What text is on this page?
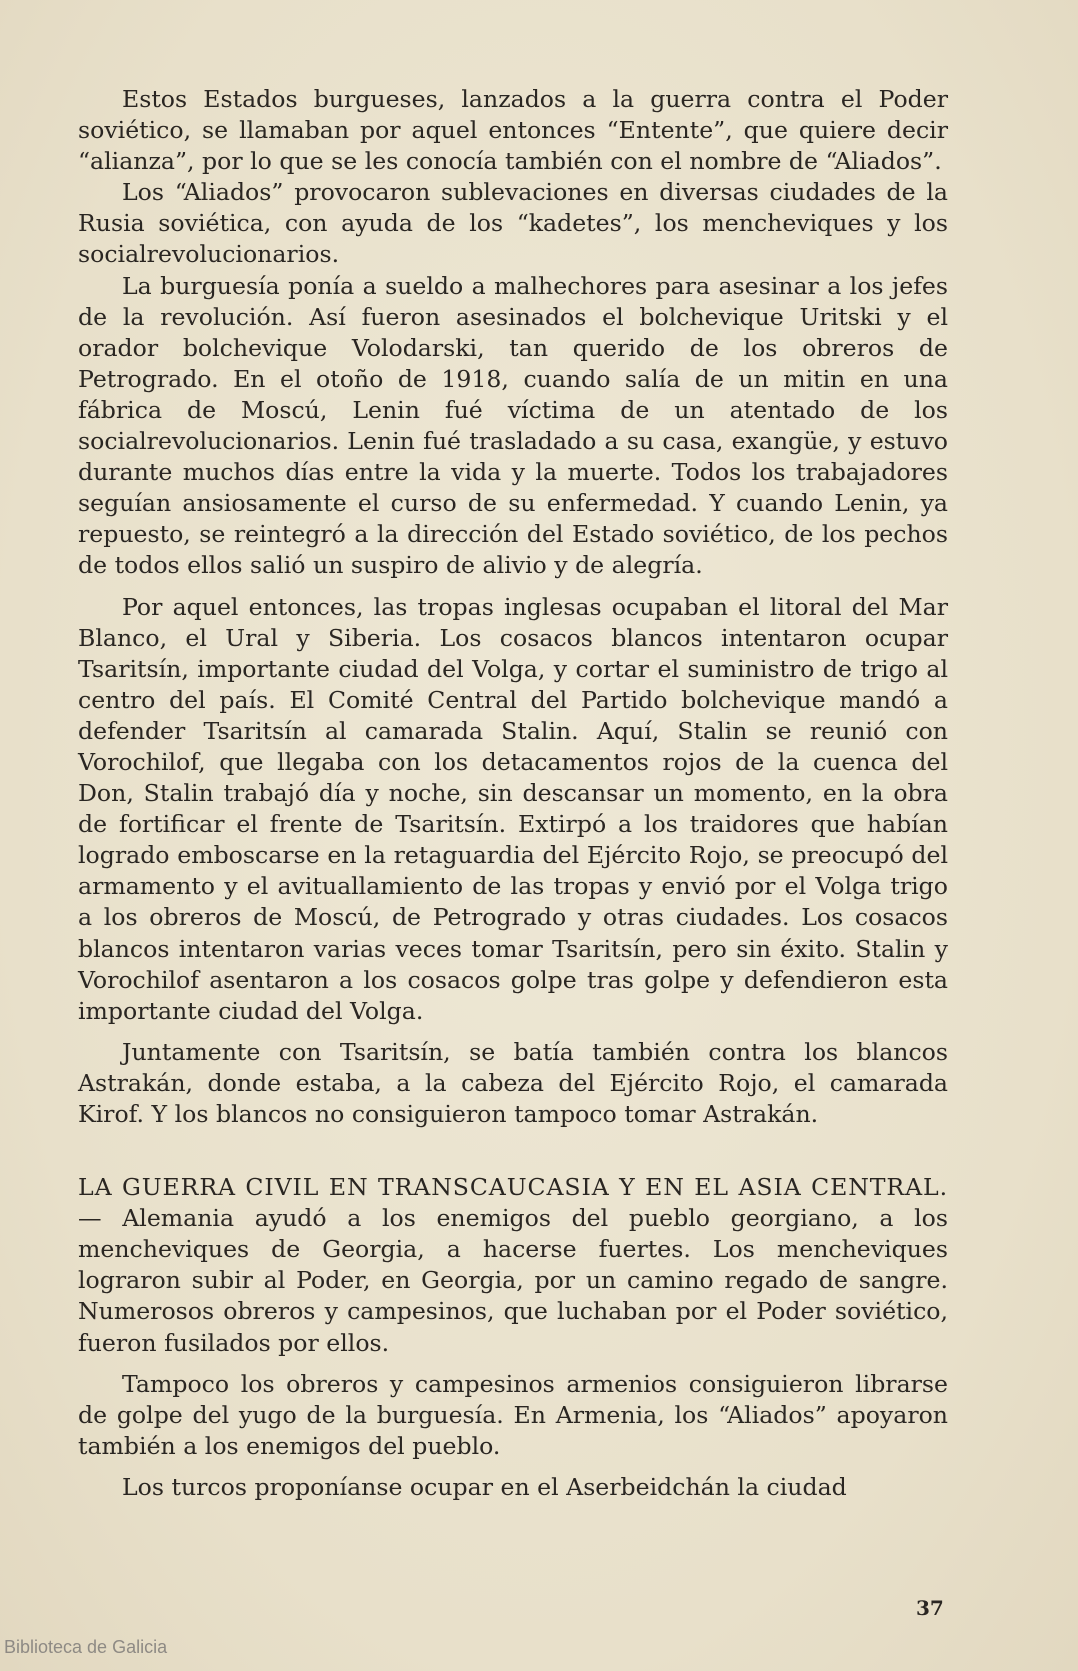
Estos Estados burgueses, lanzados a la guerra contra el Poder soviético, se llamaban por aquel entonces “Entente”, que quiere decir “alianza”, por lo que se les conocía también con el nombre de “Aliados”.

Los “Aliados” provocaron sublevaciones en diversas ciudades de la Rusia soviética, con ayuda de los “kadetes”, los mencheviques y los socialrevolucionarios.

La burguesía ponía a sueldo a malhechores para asesinar a los jefes de la revolución. Así fueron asesinados el bolchevique Uritski y el orador bolchevique Volodarski, tan querido de los obreros de Petrogrado. En el otoño de 1918, cuando salía de un mitin en una fábrica de Moscú, Lenin fué víctima de un atentado de los socialrevolucionarios. Lenin fué trasladado a su casa, exangüe, y estuvo durante muchos días entre la vida y la muerte. Todos los trabajadores seguían ansiosamente el curso de su enfermedad. Y cuando Lenin, ya repuesto, se reintegró a la dirección del Estado soviético, de los pechos de todos ellos salió un suspiro de alivio y de alegría.

Por aquel entonces, las tropas inglesas ocupaban el litoral del Mar Blanco, el Ural y Siberia. Los cosacos blancos intentaron ocupar Tsaritsín, importante ciudad del Volga, y cortar el suministro de trigo al centro del país. El Comité Central del Partido bolchevique mandó a defender Tsaritsín al camarada Stalin. Aquí, Stalin se reunió con Vorochilof, que llegaba con los detacamentos rojos de la cuenca del Don, Stalin trabajó día y noche, sin descansar un momento, en la obra de fortificar el frente de Tsaritsín. Extirpó a los traidores que habían logrado emboscarse en la retaguardia del Ejército Rojo, se preocupó del armamento y el avituallamiento de las tropas y envió por el Volga trigo a los obreros de Moscú, de Petrogrado y otras ciudades. Los cosacos blancos intentaron varias veces tomar Tsaritsín, pero sin éxito. Stalin y Vorochilof asentaron a los cosacos golpe tras golpe y defendieron esta importante ciudad del Volga.

Juntamente con Tsaritsín, se batía también contra los blancos Astrakán, donde estaba, a la cabeza del Ejército Rojo, el camarada Kirof. Y los blancos no consiguieron tampoco tomar Astrakán.

LA GUERRA CIVIL EN TRANSCAUCASIA Y EN EL ASIA CENTRAL. — Alemania ayudó a los enemigos del pueblo georgiano, a los mencheviques de Georgia, a hacerse fuertes. Los mencheviques lograron subir al Poder, en Georgia, por un camino regado de sangre. Numerosos obreros y campesinos, que luchaban por el Poder soviético, fueron fusilados por ellos.

Tampoco los obreros y campesinos armenios consiguieron librarse de golpe del yugo de la burguesía. En Armenia, los “Aliados” apoyaron también a los enemigos del pueblo.

Los turcos proponíanse ocupar en el Aserbeidchán la ciudad

37
Biblioteca de Galicia
